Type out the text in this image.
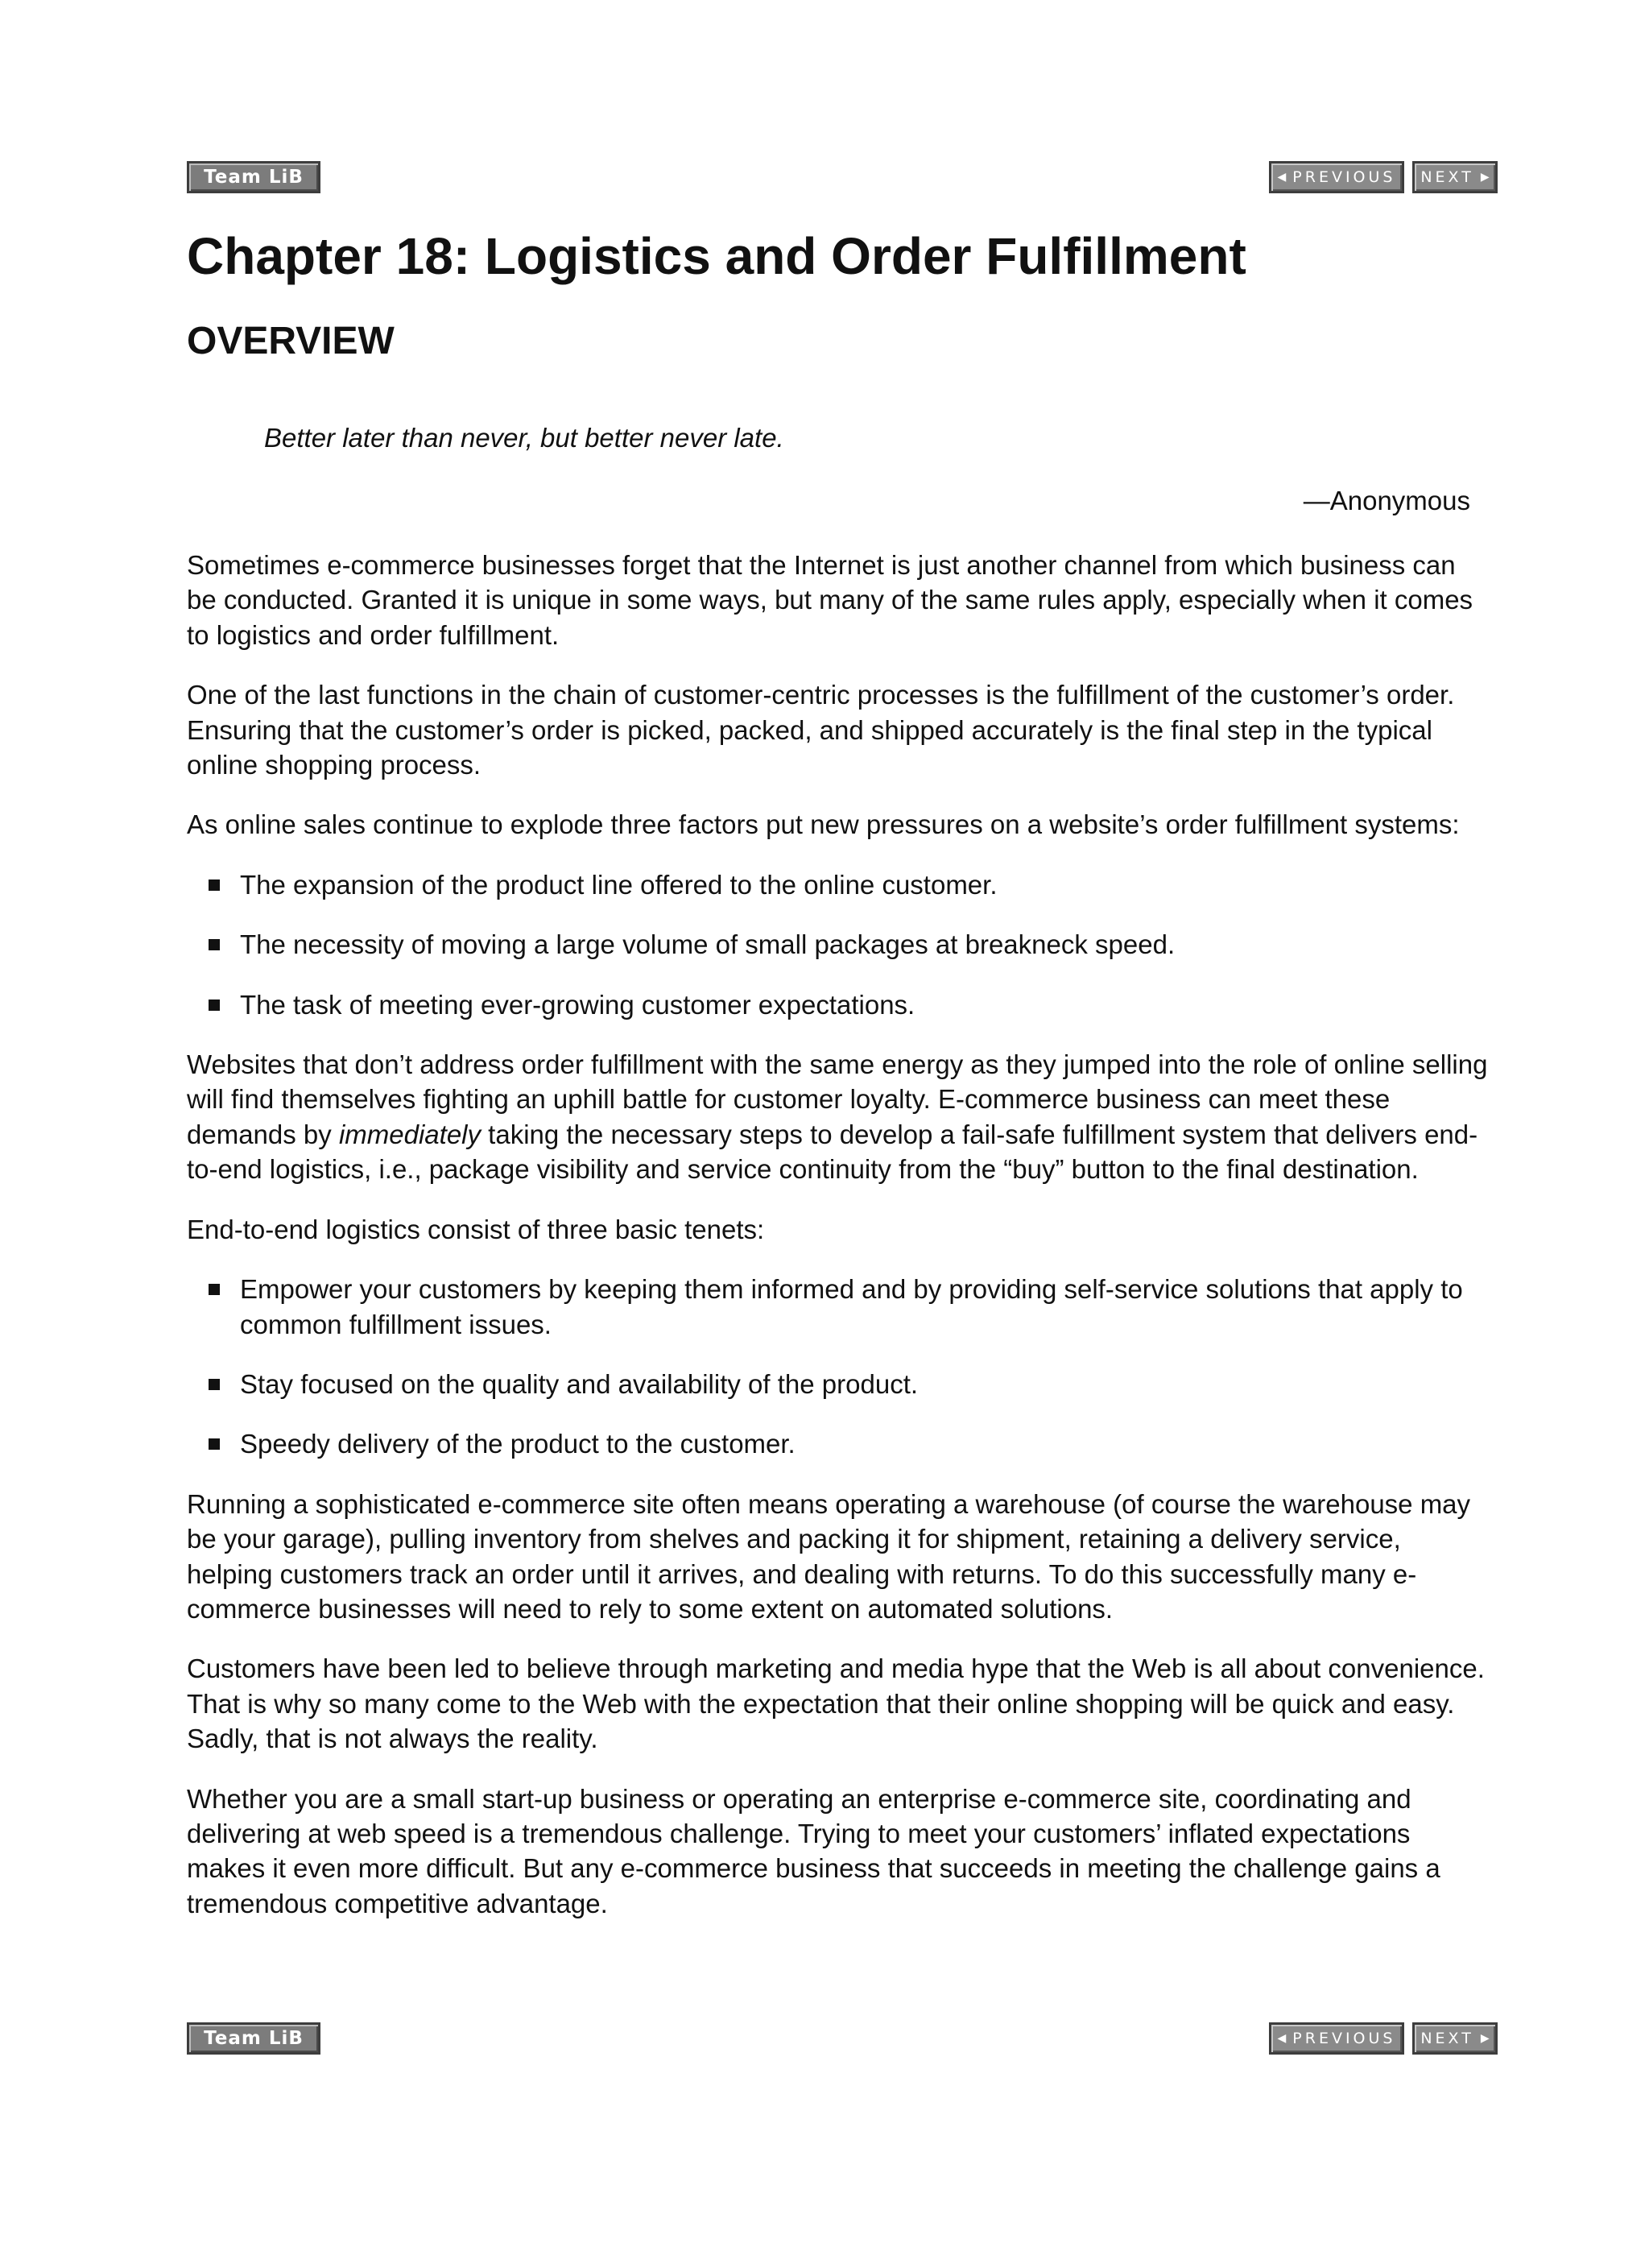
Team LiB	◀ PREVIOUS NEXT ▶
Chapter 18: Logistics and Order Fulfillment
OVERVIEW
Better later than never, but better never late.
—Anonymous

Sometimes e-commerce businesses forget that the Internet is just another channel from which business can be conducted. Granted it is unique in some ways, but many of the same rules apply, especially when it comes to logistics and order fulfillment.

One of the last functions in the chain of customer-centric processes is the fulfillment of the customer’s order. Ensuring that the customer’s order is picked, packed, and shipped accurately is the final step in the typical online shopping process.

As online sales continue to explode three factors put new pressures on a website’s order fulfillment systems:

The expansion of the product line offered to the online customer.
The necessity of moving a large volume of small packages at breakneck speed.
The task of meeting ever-growing customer expectations.

Websites that don’t address order fulfillment with the same energy as they jumped into the role of online selling will find themselves fighting an uphill battle for customer loyalty. E-commerce business can meet these demands by immediately taking the necessary steps to develop a fail-safe fulfillment system that delivers end-to-end logistics, i.e., package visibility and service continuity from the “buy” button to the final destination.

End-to-end logistics consist of three basic tenets:

Empower your customers by keeping them informed and by providing self-service solutions that apply to common fulfillment issues.
Stay focused on the quality and availability of the product.
Speedy delivery of the product to the customer.

Running a sophisticated e-commerce site often means operating a warehouse (of course the warehouse may be your garage), pulling inventory from shelves and packing it for shipment, retaining a delivery service, helping customers track an order until it arrives, and dealing with returns. To do this successfully many e-commerce businesses will need to rely to some extent on automated solutions.

Customers have been led to believe through marketing and media hype that the Web is all about convenience. That is why so many come to the Web with the expectation that their online shopping will be quick and easy. Sadly, that is not always the reality.

Whether you are a small start-up business or operating an enterprise e-commerce site, coordinating and delivering at web speed is a tremendous challenge. Trying to meet your customers’ inflated expectations makes it even more difficult. But any e-commerce business that succeeds in meeting the challenge gains a tremendous competitive advantage.

Team LiB	◀ PREVIOUS NEXT ▶
